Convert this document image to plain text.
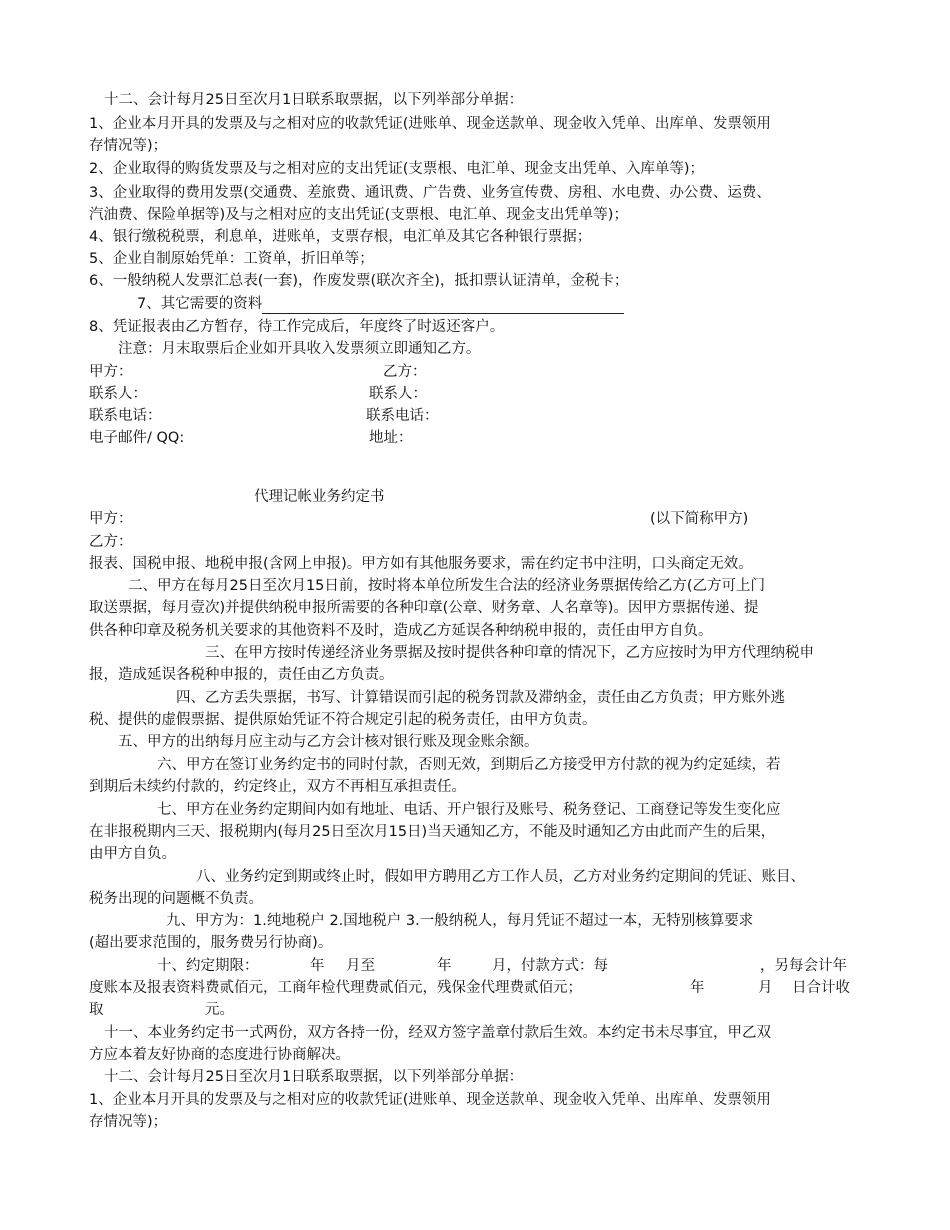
十二、会计每月25日至次月1日联系取票据，以下列举部分单据：
1、企业本月开具的发票及与之相对应的收款凭证(进账单、现金送款单、现金收入凭单、出库单、发票领用
存情况等)；
2、企业取得的购货发票及与之相对应的支出凭证(支票根、电汇单、现金支出凭单、入库单等)；
3、企业取得的费用发票(交通费、差旅费、通讯费、广告费、业务宣传费、房租、水电费、办公费、运费、
汽油费、保险单据等)及与之相对应的支出凭证(支票根、电汇单、现金支出凭单等)；
4、银行缴税税票，利息单，进账单，支票存根，电汇单及其它各种银行票据；
5、企业自制原始凭单：工资单，折旧单等；
6、一般纳税人发票汇总表(一套)，作废发票(联次齐全)，抵扣票认证清单，金税卡；
7、其它需要的资料
8、凭证报表由乙方暂存，待工作完成后，年度终了时返还客户。
注意：月末取票后企业如开具收入发票须立即通知乙方。
甲方：	乙方：
联系人：	联系人：
联系电话：	联系电话：
电子邮件/ QQ:	地址：
代理记帐业务约定书
甲方：	(以下简称甲方)
乙方：
报表、国税申报、地税申报(含网上申报)。甲方如有其他服务要求，需在约定书中注明，口头商定无效。
二、甲方在每月25日至次月15日前，按时将本单位所发生合法的经济业务票据传给乙方(乙方可上门
取送票据，每月壹次)并提供纳税申报所需要的各种印章(公章、财务章、人名章等)。因甲方票据传递、提
供各种印章及税务机关要求的其他资料不及时，造成乙方延误各种纳税申报的，责任由甲方自负。
三、在甲方按时传递经济业务票据及按时提供各种印章的情况下，乙方应按时为甲方代理纳税申
报，造成延误各税种申报的，责任由乙方负责。
四、乙方丢失票据，书写、计算错误而引起的税务罚款及滞纳金，责任由乙方负责；甲方账外逃
税、提供的虚假票据、提供原始凭证不符合规定引起的税务责任，由甲方负责。
五、甲方的出纳每月应主动与乙方会计核对银行账及现金账余额。
六、甲方在签订业务约定书的同时付款，否则无效，到期后乙方接受甲方付款的视为约定延续，若
到期后未续约付款的，约定终止，双方不再相互承担责任。
七、甲方在业务约定期间内如有地址、电话、开户银行及账号、税务登记、工商登记等发生变化应
在非报税期内三天、报税期内(每月25日至次月15日)当天通知乙方，不能及时通知乙方由此而产生的后果，
由甲方自负。
八、业务约定到期或终止时，假如甲方聘用乙方工作人员，乙方对业务约定期间的凭证、账目、
税务出现的问题概不负责。
九、甲方为：1.纯地税户 2.国地税户 3.一般纳税人，每月凭证不超过一本，无特别核算要求
(超出要求范围的，服务费另行协商)。
十、约定期限：	年 月至	年	月，付款方式：每	，另每会计年
度账本及报表资料费贰佰元，工商年检代理费贰佰元，残保金代理费贰佰元；	年	月 日合计收
取	元。
十一、本业务约定书一式两份，双方各持一份，经双方签字盖章付款后生效。本约定书未尽事宜，甲乙双
方应本着友好协商的态度进行协商解决。
十二、会计每月25日至次月1日联系取票据，以下列举部分单据：
1、企业本月开具的发票及与之相对应的收款凭证(进账单、现金送款单、现金收入凭单、出库单、发票领用
存情况等)；
